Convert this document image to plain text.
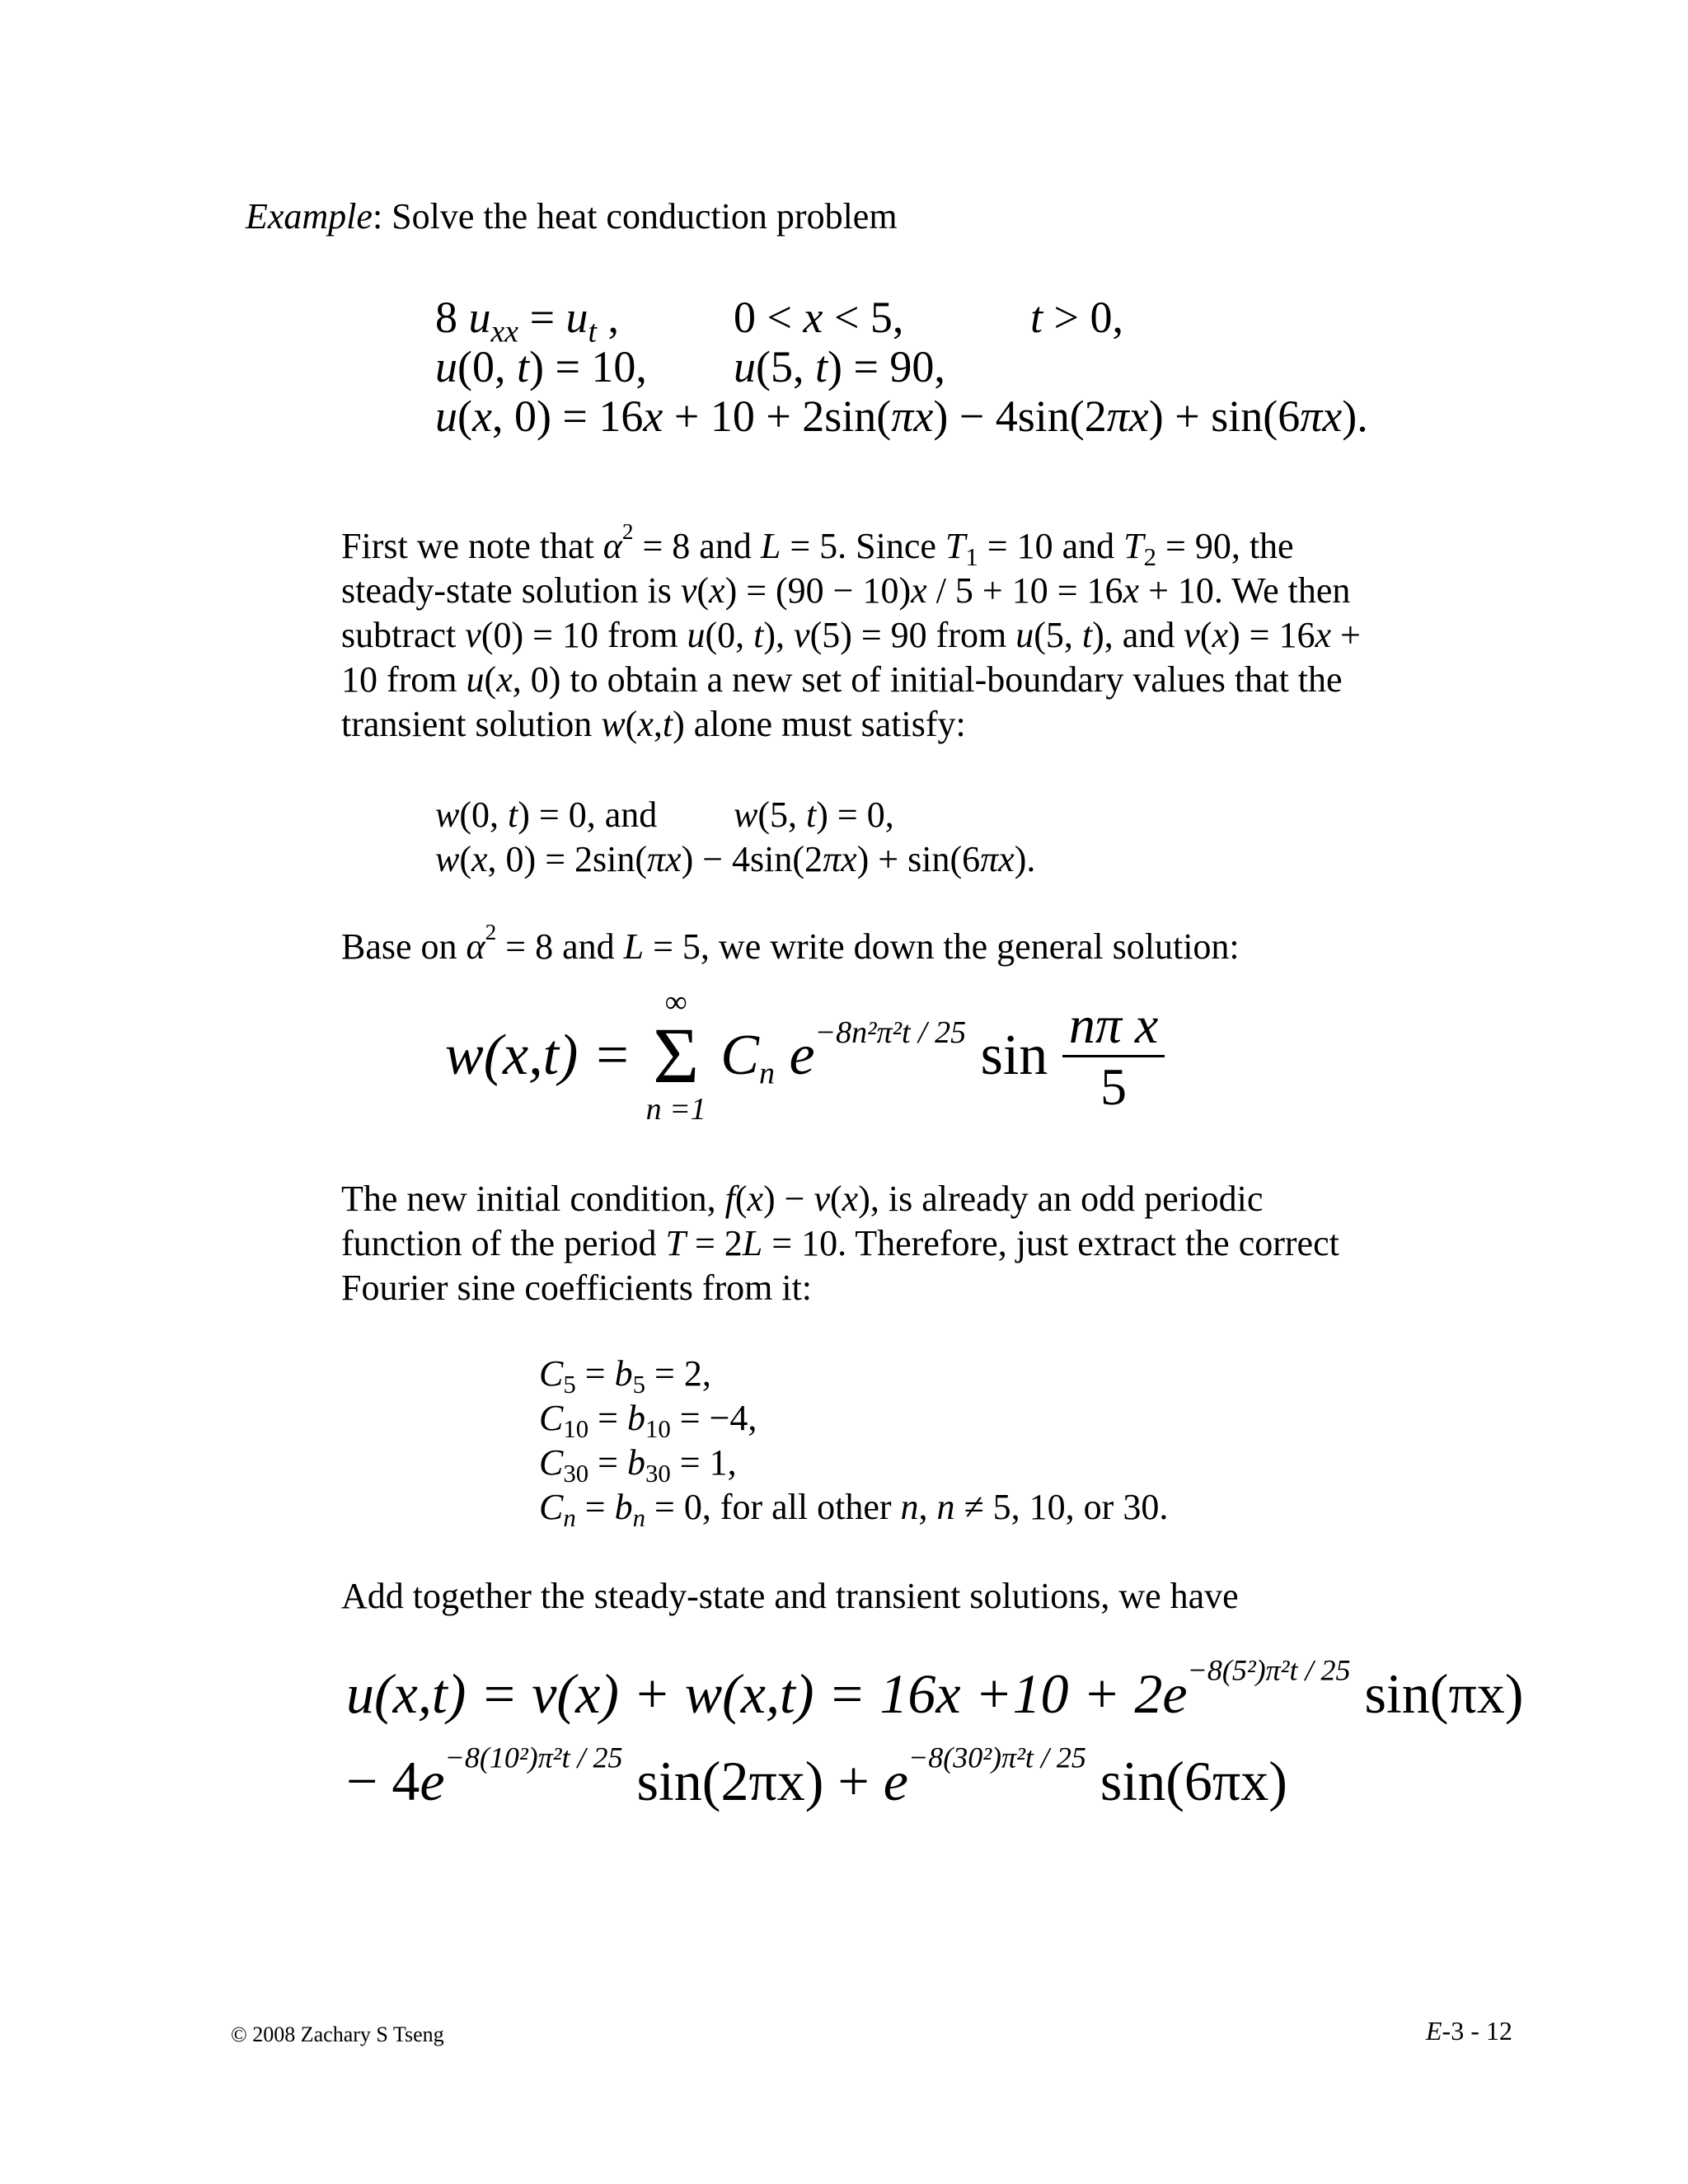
Example: Solve the heat conduction problem
8 $u_{xx} = u_t$ ,	0 < x < 5,	t > 0,
u(0, t) = 10, u(5, t) = 90,
u(x, 0) = 16x + 10 + 2sin(πx) − 4sin(2πx) + sin(6πx).
First we note that $\alpha^2 = 8$ and L = 5. Since $T_1 = 10$ and $T_2 = 90$, the
steady-state solution is v(x) = (90 − 10)x / 5 + 10 = 16x + 10. We then
subtract v(0) = 10 from u(0, t), v(5) = 90 from u(5, t), and v(x) = 16x +
10 from u(x, 0) to obtain a new set of initial-boundary values that the
transient solution w(x,t) alone must satisfy:
w(0, t) = 0, and w(5, t) = 0,
w(x, 0) = 2sin(πx) − 4sin(2πx) + sin(6πx).
Base on $\alpha^2 = 8$ and L = 5, we write down the general solution:
w(x,t) =
∞
Σ
n =1
$C_n$ $e^{-8n^2\pi^2t / 25}$ $\sin \frac{\text{nπ x}}{5}$
The new initial condition, f(x) − v(x), is already an odd periodic
function of the period T = 2L = 10. Therefore, just extract the correct
Fourier sine coefficients from it:
$C_5 = b_5 = 2$,
$C_{10} = b_{10} = -4$,
$C_{30} = b_{30} = 1$,
$C_n = b_n = 0$, for all other n, n ≠ 5, 10, or 30.
Add together the steady-state and transient solutions, we have
$u(x,t) = v(x) + w(x,t) = 16x +10 + 2e^{-8(5^2)\pi^2t / 25}$ sin(πx)
− $4e^{-8(10^2)\pi^2t / 25}$ $\sin(2\pi x) + e^{-8(30^2)\pi^2t / 25}$ sin(6πx)
© 2008 Zachary S Tseng	E-3 - 12
